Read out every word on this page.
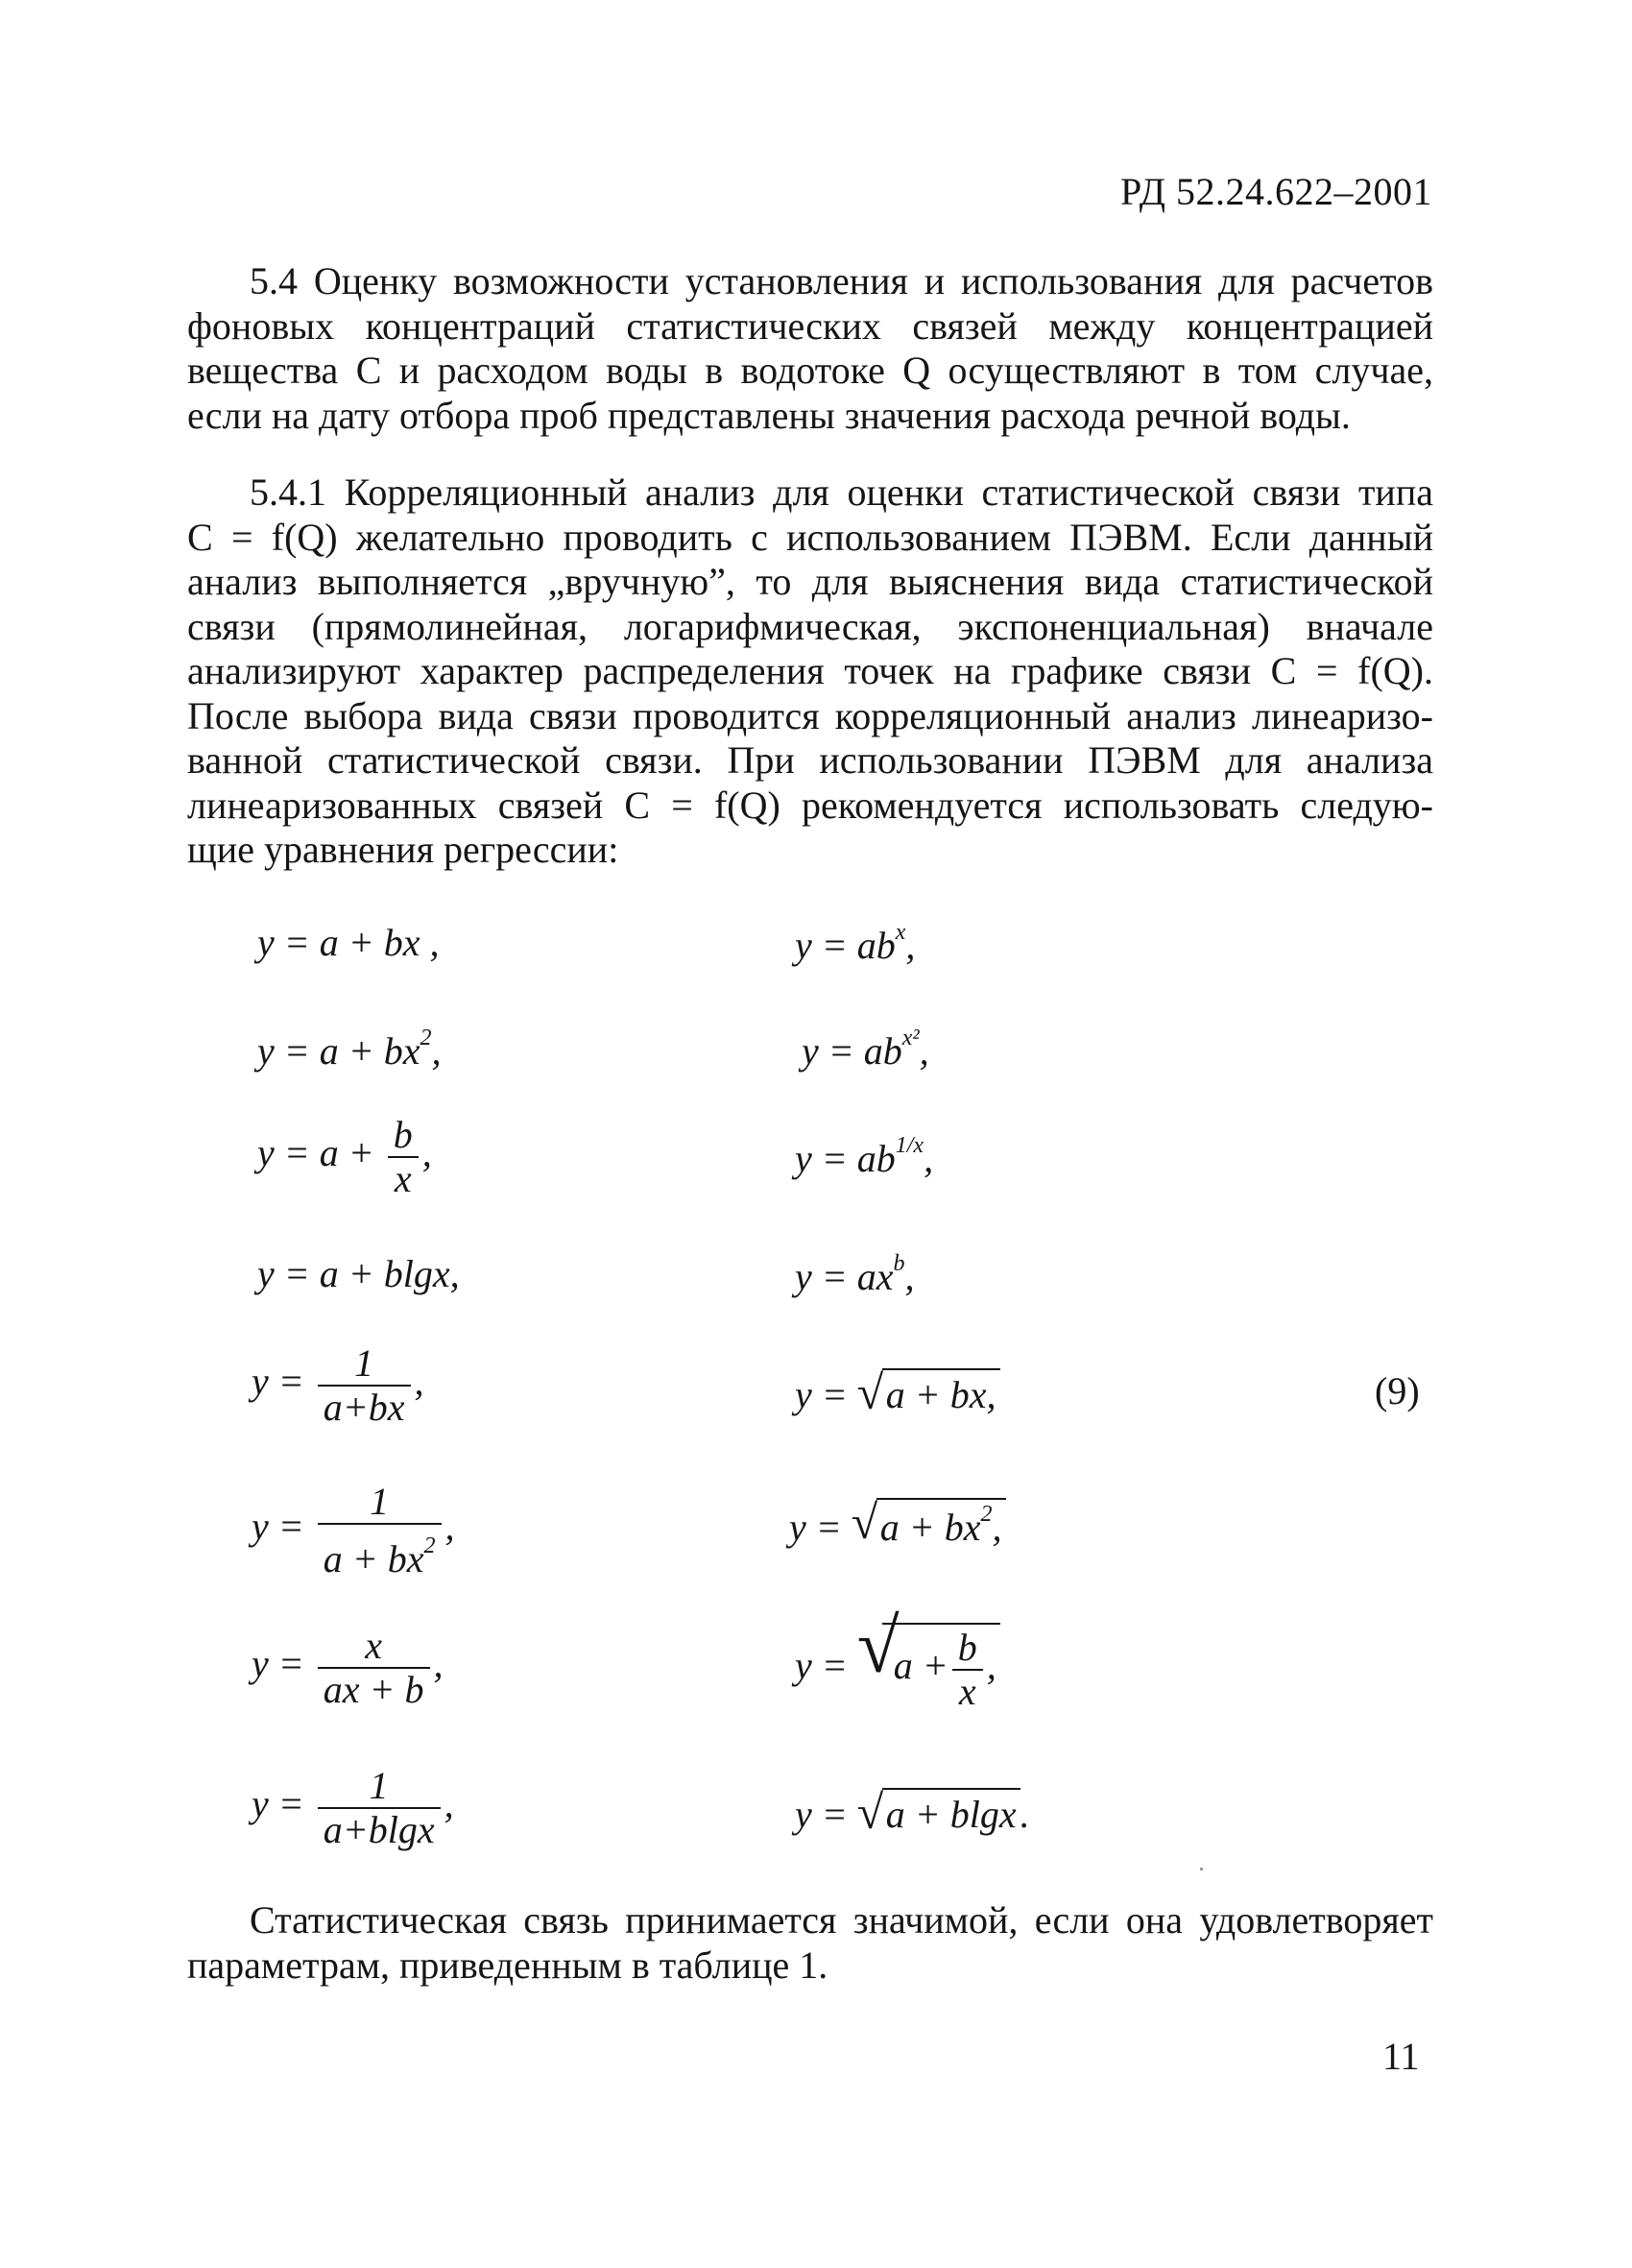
РД 52.24.622–2001
5.4 Оценку возможности установления и использования для расчетов
фоновых концентраций статистических связей между концентрацией
вещества C и расходом воды в водотоке Q осуществляют в том случае,
если на дату отбора проб представлены значения расхода речной воды.
5.4.1 Корреляционный анализ для оценки статистической связи типа
C = f(Q) желательно проводить с использованием ПЭВМ. Если данный
анализ выполняется „вручную”, то для выяснения вида статистической
связи (прямолинейная, логарифмическая, экспоненциальная) вначале
анализируют характер распределения точек на графике связи C = f(Q).
После выбора вида связи проводится корреляционный анализ линеаризо-
ванной статистической связи. При использовании ПЭВМ для анализа
линеаризованных связей C = f(Q) рекомендуется использовать следую-
щие уравнения регрессии:
y = a + bx ,
$y = a + bx^2$,
$y = a + \frac{b}{x}$ ,
y = a + blgx,
$y = \frac{1}{a+bx}$ ,
$y = \frac{1}{a + bx^2}$ ,
$y = \frac{x}{ax + b}$ ,
$y = \frac{1}{a+blgx}$ ,
$y = ab^x$,
$y = ab^{x^2}$,
$y = ab^{1/x}$,
$y = ax^b$,
y = √ a + bx,
y = √ $a + bx^2$,
y = √
$a + \frac{b}{x}$ ,
y = √ a + blgx .
(9)
Статистическая связь принимается значимой, если она удовлетворяет
параметрам, приведенным в таблице 1.
11
